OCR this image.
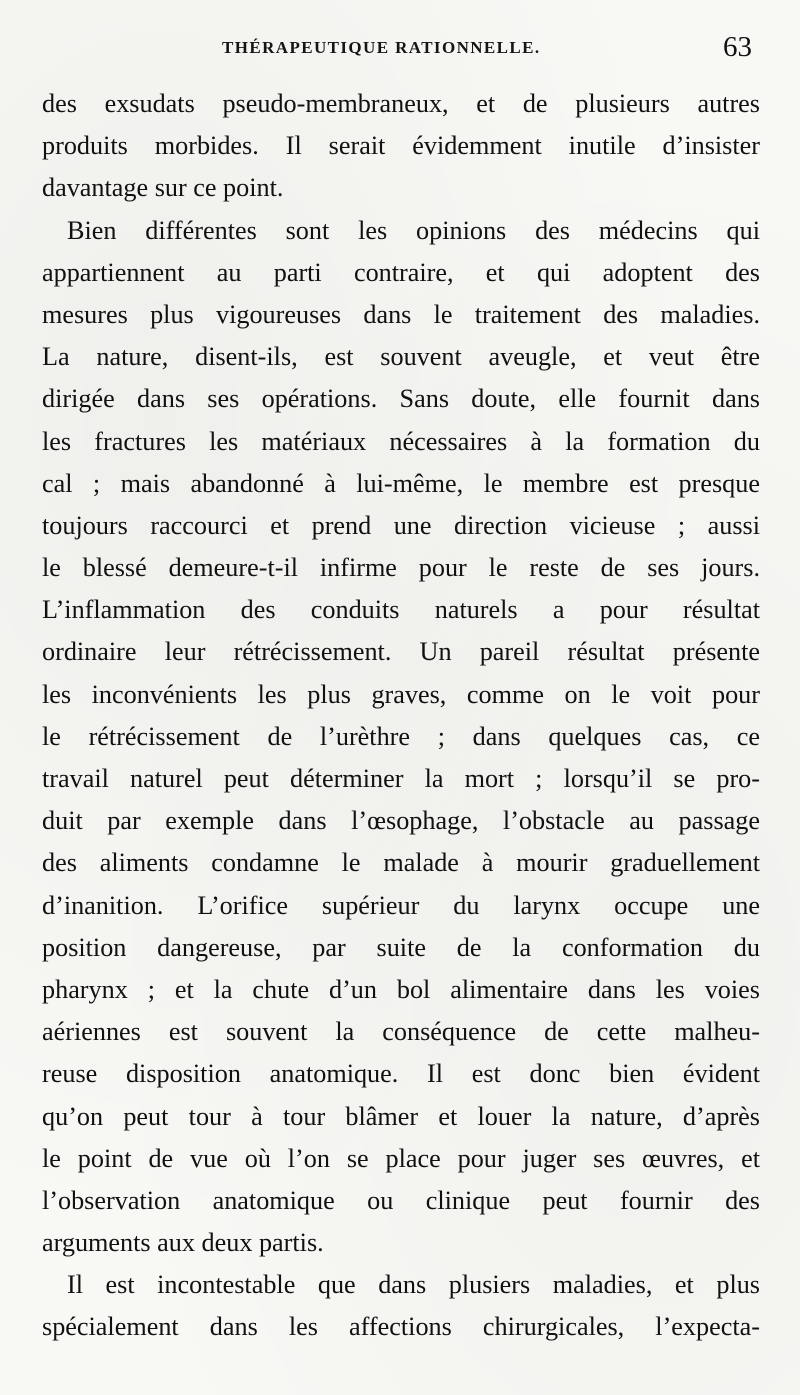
THÉRAPEUTIQUE RATIONNELLE.	63
des exsudats pseudo-membraneux, et de plusieurs autres
produits morbides. Il serait évidemment inutile d’insister
davantage sur ce point.
Bien différentes sont les opinions des médecins qui
appartiennent au parti contraire, et qui adoptent des
mesures plus vigoureuses dans le traitement des maladies.
La nature, disent-ils, est souvent aveugle, et veut être
dirigée dans ses opérations. Sans doute, elle fournit dans
les fractures les matériaux nécessaires à la formation du
cal ; mais abandonné à lui-même, le membre est presque
toujours raccourci et prend une direction vicieuse ; aussi
le blessé demeure-t-il infirme pour le reste de ses jours.
L’inflammation des conduits naturels a pour résultat
ordinaire leur rétrécissement. Un pareil résultat présente
les inconvénients les plus graves, comme on le voit pour
le rétrécissement de l’urèthre ; dans quelques cas, ce
travail naturel peut déterminer la mort ; lorsqu’il se pro-
duit par exemple dans l’œsophage, l’obstacle au passage
des aliments condamne le malade à mourir graduellement
d’inanition. L’orifice supérieur du larynx occupe une
position dangereuse, par suite de la conformation du
pharynx ; et la chute d’un bol alimentaire dans les voies
aériennes est souvent la conséquence de cette malheu-
reuse disposition anatomique. Il est donc bien évident
qu’on peut tour à tour blâmer et louer la nature, d’après
le point de vue où l’on se place pour juger ses œuvres, et
l’observation anatomique ou clinique peut fournir des
arguments aux deux partis.
Il est incontestable que dans plusiers maladies, et plus
spécialement dans les affections chirurgicales, l’expecta-
